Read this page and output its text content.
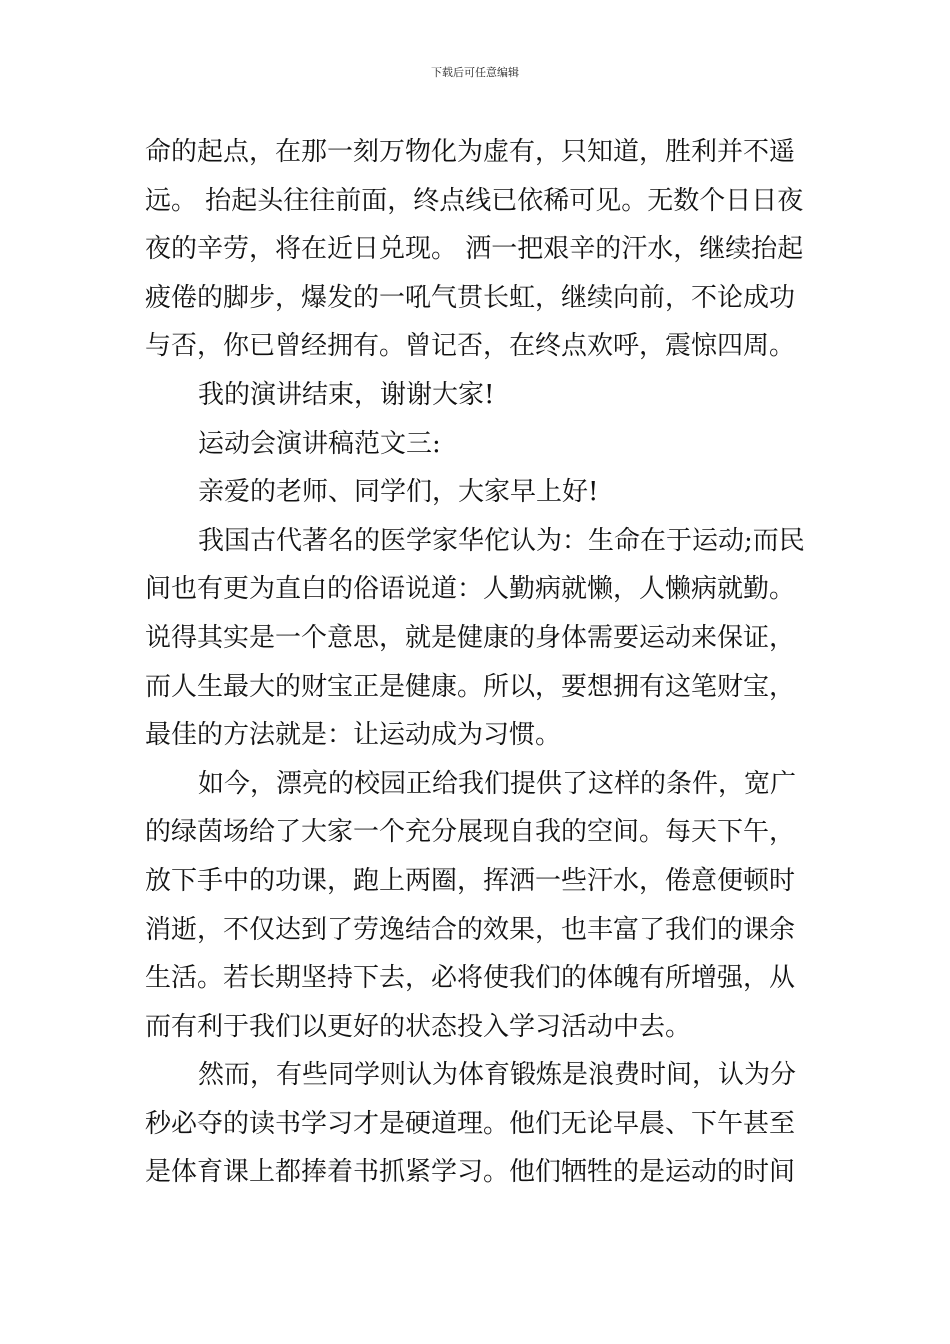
下载后可任意编辑
命的起点，在那一刻万物化为虚有，只知道，胜利并不遥
远。 抬起头往往前面，终点线已依稀可见。无数个日日夜
夜的辛劳，将在近日兑现。 洒一把艰辛的汗水，继续抬起
疲倦的脚步，爆发的一吼气贯长虹，继续向前，不论成功
与否，你已曾经拥有。曾记否，在终点欢呼，震惊四周。
我的演讲结束，谢谢大家!
运动会演讲稿范文三:
亲爱的老师、同学们，大家早上好!
我国古代著名的医学家华佗认为：生命在于运动;而民
间也有更为直白的俗语说道：人勤病就懒，人懒病就勤。
说得其实是一个意思，就是健康的身体需要运动来保证，
而人生最大的财宝正是健康。所以，要想拥有这笔财宝，
最佳的方法就是：让运动成为习惯。
如今，漂亮的校园正给我们提供了这样的条件，宽广
的绿茵场给了大家一个充分展现自我的空间。每天下午，
放下手中的功课，跑上两圈，挥洒一些汗水，倦意便顿时
消逝，不仅达到了劳逸结合的效果，也丰富了我们的课余
生活。若长期坚持下去，必将使我们的体魄有所增强，从
而有利于我们以更好的状态投入学习活动中去。
然而，有些同学则认为体育锻炼是浪费时间，认为分
秒必夺的读书学习才是硬道理。他们无论早晨、下午甚至
是体育课上都捧着书抓紧学习。他们牺牲的是运动的时间
